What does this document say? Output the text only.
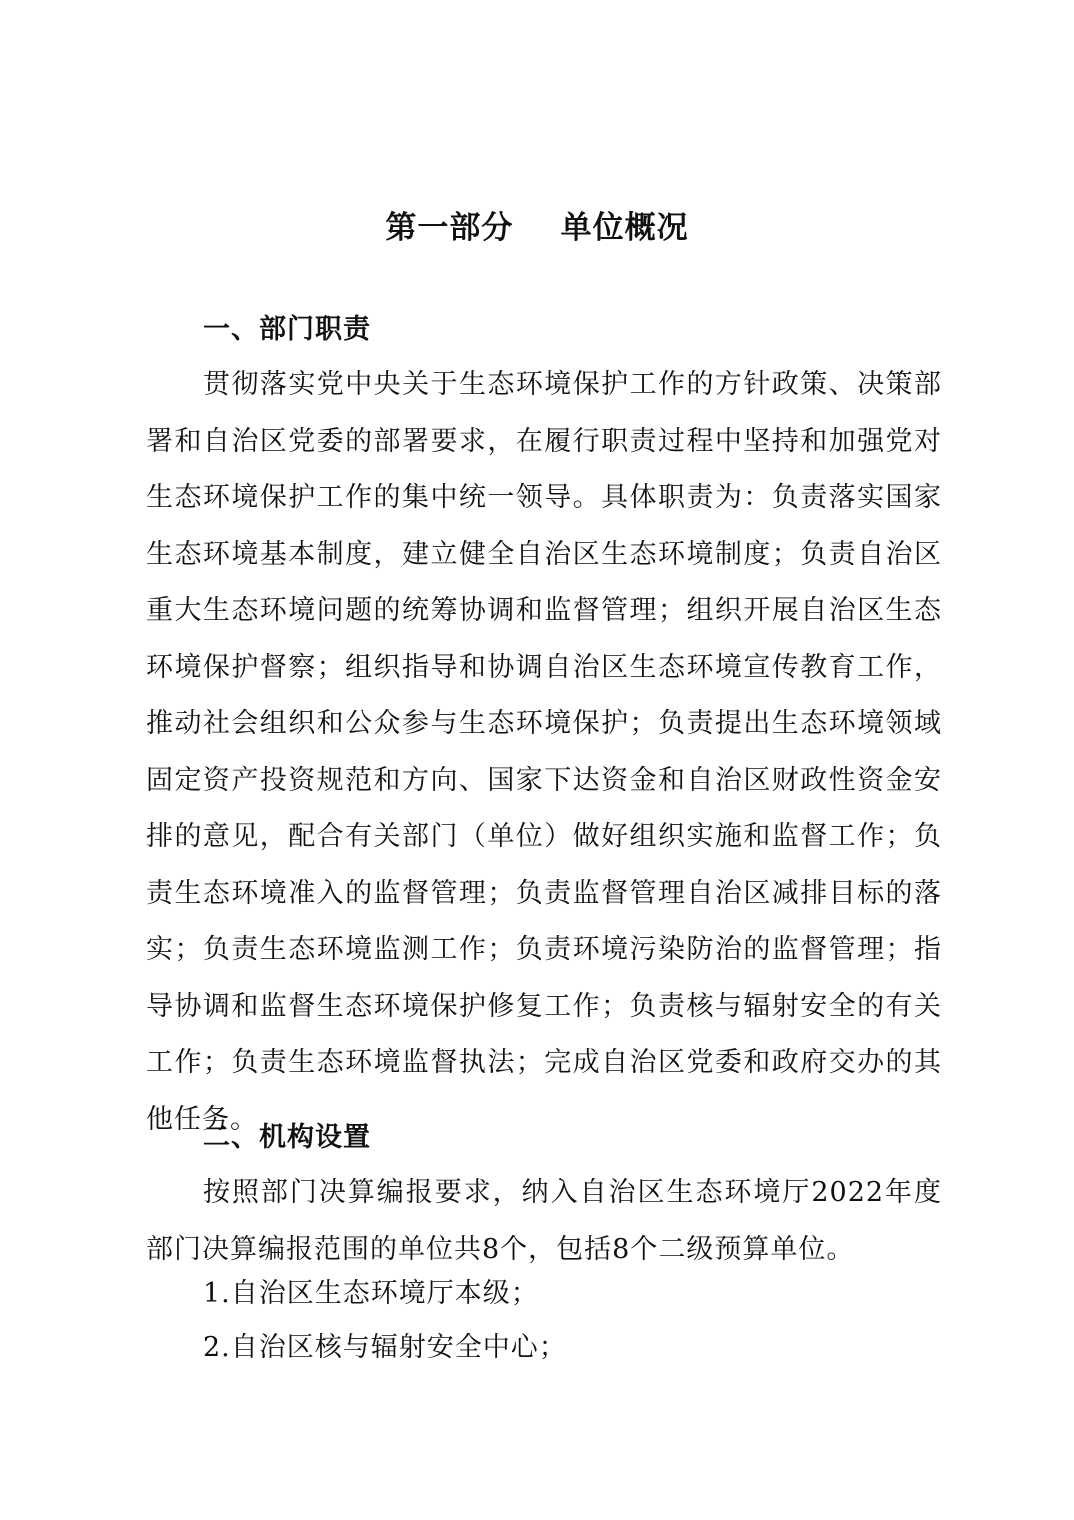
第一部分    单位概况
一、部门职责
贯彻落实党中央关于生态环境保护工作的方针政策、决策部署和自治区党委的部署要求，在履行职责过程中坚持和加强党对生态环境保护工作的集中统一领导。具体职责为：负责落实国家生态环境基本制度，建立健全自治区生态环境制度；负责自治区重大生态环境问题的统筹协调和监督管理；组织开展自治区生态环境保护督察；组织指导和协调自治区生态环境宣传教育工作，推动社会组织和公众参与生态环境保护；负责提出生态环境领域固定资产投资规范和方向、国家下达资金和自治区财政性资金安排的意见，配合有关部门（单位）做好组织实施和监督工作；负责生态环境准入的监督管理；负责监督管理自治区减排目标的落实；负责生态环境监测工作；负责环境污染防治的监督管理；指导协调和监督生态环境保护修复工作；负责核与辐射安全的有关工作；负责生态环境监督执法；完成自治区党委和政府交办的其他任务。
二、机构设置
按照部门决算编报要求，纳入自治区生态环境厅2022年度部门决算编报范围的单位共8个，包括8个二级预算单位。
1.自治区生态环境厅本级；
2.自治区核与辐射安全中心；
